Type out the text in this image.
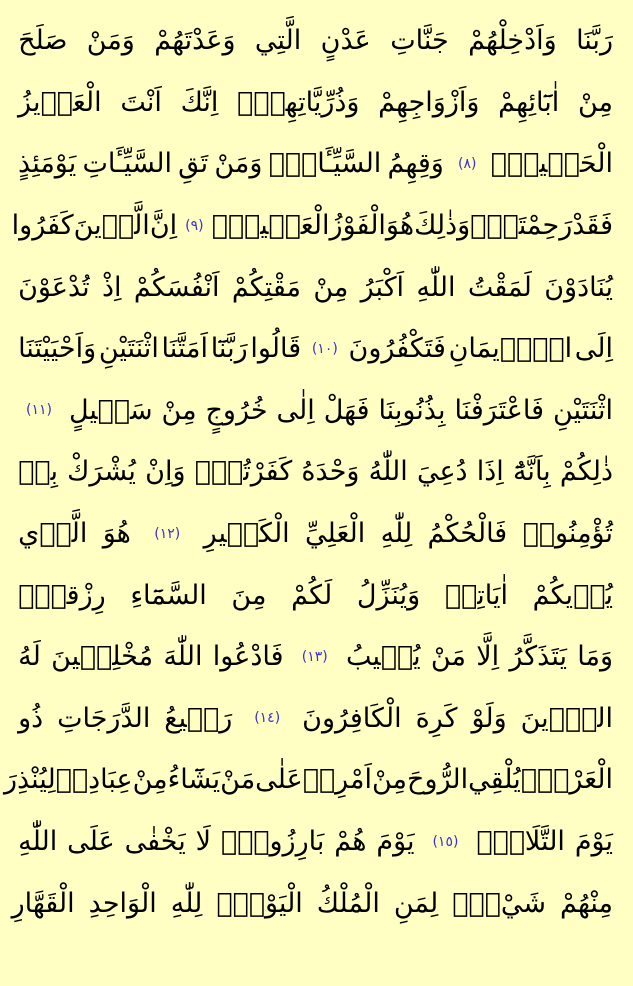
رَبَّنَا
وَاَدْخِلْهُمْ
جَنَّاتِ
عَدْنٍ
الَّتِي
وَعَدْتَهُمْ
وَمَنْ
صَلَحَ
مِنْ
اٰبَٓائِهِمْ
وَاَزْوَاجِهِمْ
وَذُرِّيَّاتِهِمْۜ
اِنَّكَ
اَنْتَ
الْعَز۪يزُ
الْحَك۪يمُۙ
( ٨ )
وَقِهِمُ
السَّيِّـَٔاتِۜ
وَمَنْ
تَقِ
السَّيِّـَٔاتِ
يَوْمَئِذٍ
فَقَدْ
رَحِمْتَهُۜ
وَذٰلِكَ
هُوَ
الْفَوْزُ
الْعَظ۪يمُ۟
( ٩ )
اِنَّ
الَّذ۪ينَ
كَفَرُوا
يُنَادَوْنَ
لَمَقْتُ
اللّٰهِ
اَكْبَرُ
مِنْ
مَقْتِكُمْ
اَنْفُسَكُمْ
اِذْ
تُدْعَوْنَ
اِلَى
الْا۪يمَانِ
فَتَكْفُرُونَ
( ١٠ )
قَالُوا
رَبَّنَٓا
اَمَتَّنَا
اثْنَتَيْنِ
وَاَحْيَيْتَنَا
اثْنَتَيْنِ
فَاعْتَرَفْنَا
بِذُنُوبِنَا
فَهَلْ
اِلٰى
خُرُوجٍ
مِنْ
سَب۪يلٍ
( ١١ )
ذٰلِكُمْ
بِاَنَّهُٓ
اِذَا
دُعِيَ
اللّٰهُ
وَحْدَهُ
كَفَرْتُمْۚ
وَاِنْ
يُشْرَكْ
بِه۪
تُؤْمِنُواۜ
فَالْحُكْمُ
لِلّٰهِ
الْعَلِيِّ
الْكَب۪يرِ
( ١٢ )
هُوَ
الَّذ۪ي
يُر۪يكُمْ
اٰيَاتِه۪
وَيُنَزِّلُ
لَكُمْ
مِنَ
السَّمَٓاءِ
رِزْقاًۜ
وَمَا
يَتَذَكَّرُ
اِلَّا
مَنْ
يُن۪يبُ
( ١٣ )
فَادْعُوا
اللّٰهَ
مُخْلِص۪ينَ
لَهُ
الدّ۪ينَ
وَلَوْ
كَرِهَ
الْكَافِرُونَ
( ١٤ )
رَف۪يعُ
الدَّرَجَاتِ
ذُو
الْعَرْشِۚ
يُلْقِي
الرُّوحَ
مِنْ
اَمْرِه۪
عَلٰى
مَنْ
يَشَٓاءُ
مِنْ
عِبَادِه۪
لِيُنْذِرَ
يَوْمَ
التَّلَاقِۙ
( ١٥ )
يَوْمَ
هُمْ
بَارِزُونَۚ
لَا
يَخْفٰى
عَلَى
اللّٰهِ
مِنْهُمْ
شَيْءٌۜ
لِمَنِ
الْمُلْكُ
الْيَوْمَۜ
لِلّٰهِ
الْوَاحِدِ
الْقَهَّارِ
